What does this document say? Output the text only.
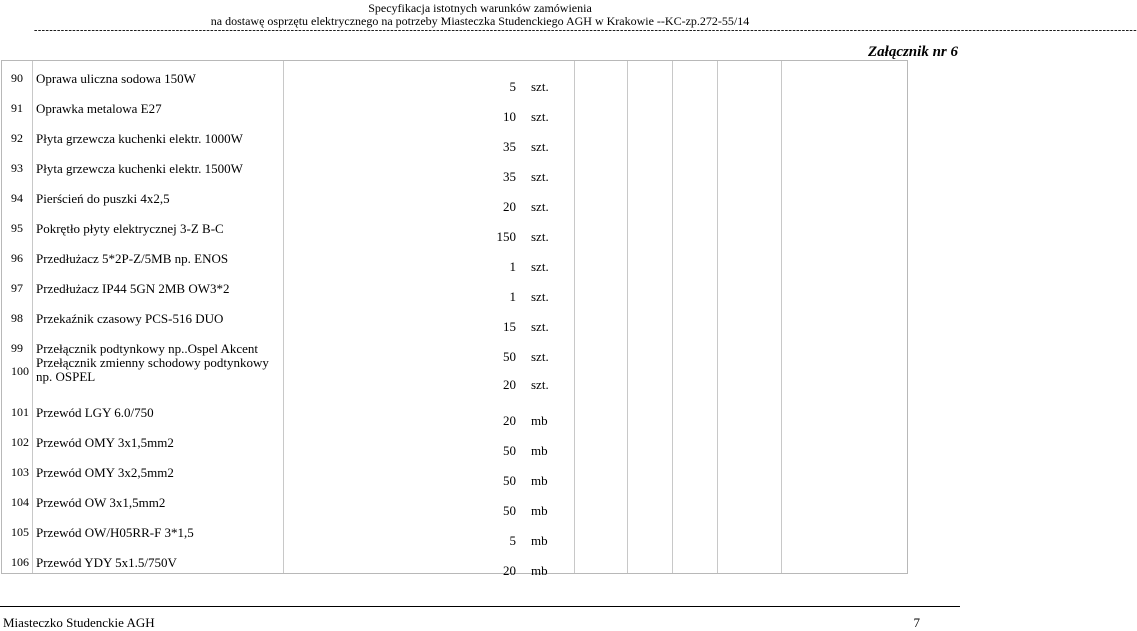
Specyfikacja istotnych warunków zamówienia
na dostawę osprzętu elektrycznego na potrzeby Miasteczka Studenckiego AGH w Krakowie --KC-zp.272-55/14
------------------------------------------------------------------------------------------------------------------------------------------------------------------------------------------------------------------------------------------------------------------------------------------------
Załącznik nr 6
90 Oprawa uliczna sodowa 150W
5 szt.
91 Oprawka metalowa E27
10 szt.
92 Płyta grzewcza kuchenki elektr. 1000W
35 szt.
93 Płyta grzewcza kuchenki elektr. 1500W
35 szt.
94 Pierścień do puszki 4x2,5
20 szt.
95 Pokrętło płyty elektrycznej 3-Z B-C
150 szt.
96 Przedłużacz 5*2P-Z/5MB np. ENOS
1 szt.
97 Przedłużacz IP44 5GN 2MB OW3*2
1 szt.
98 Przekaźnik czasowy PCS-516 DUO
15 szt.
99 Przełącznik podtynkowy np..Ospel Akcent
50 szt.
100
Przełącznik zmienny schodowy podtynkowy np. OSPEL
20 szt.
101 Przewód LGY 6.0/750
20 mb
102 Przewód OMY 3x1,5mm2
50 mb
103 Przewód OMY 3x2,5mm2
50 mb
104 Przewód OW 3x1,5mm2
50 mb
105 Przewód OW/H05RR-F 3*1,5
5 mb
106 Przewód YDY 5x1.5/750V
20 mb
Miasteczko Studenckie AGH	7
